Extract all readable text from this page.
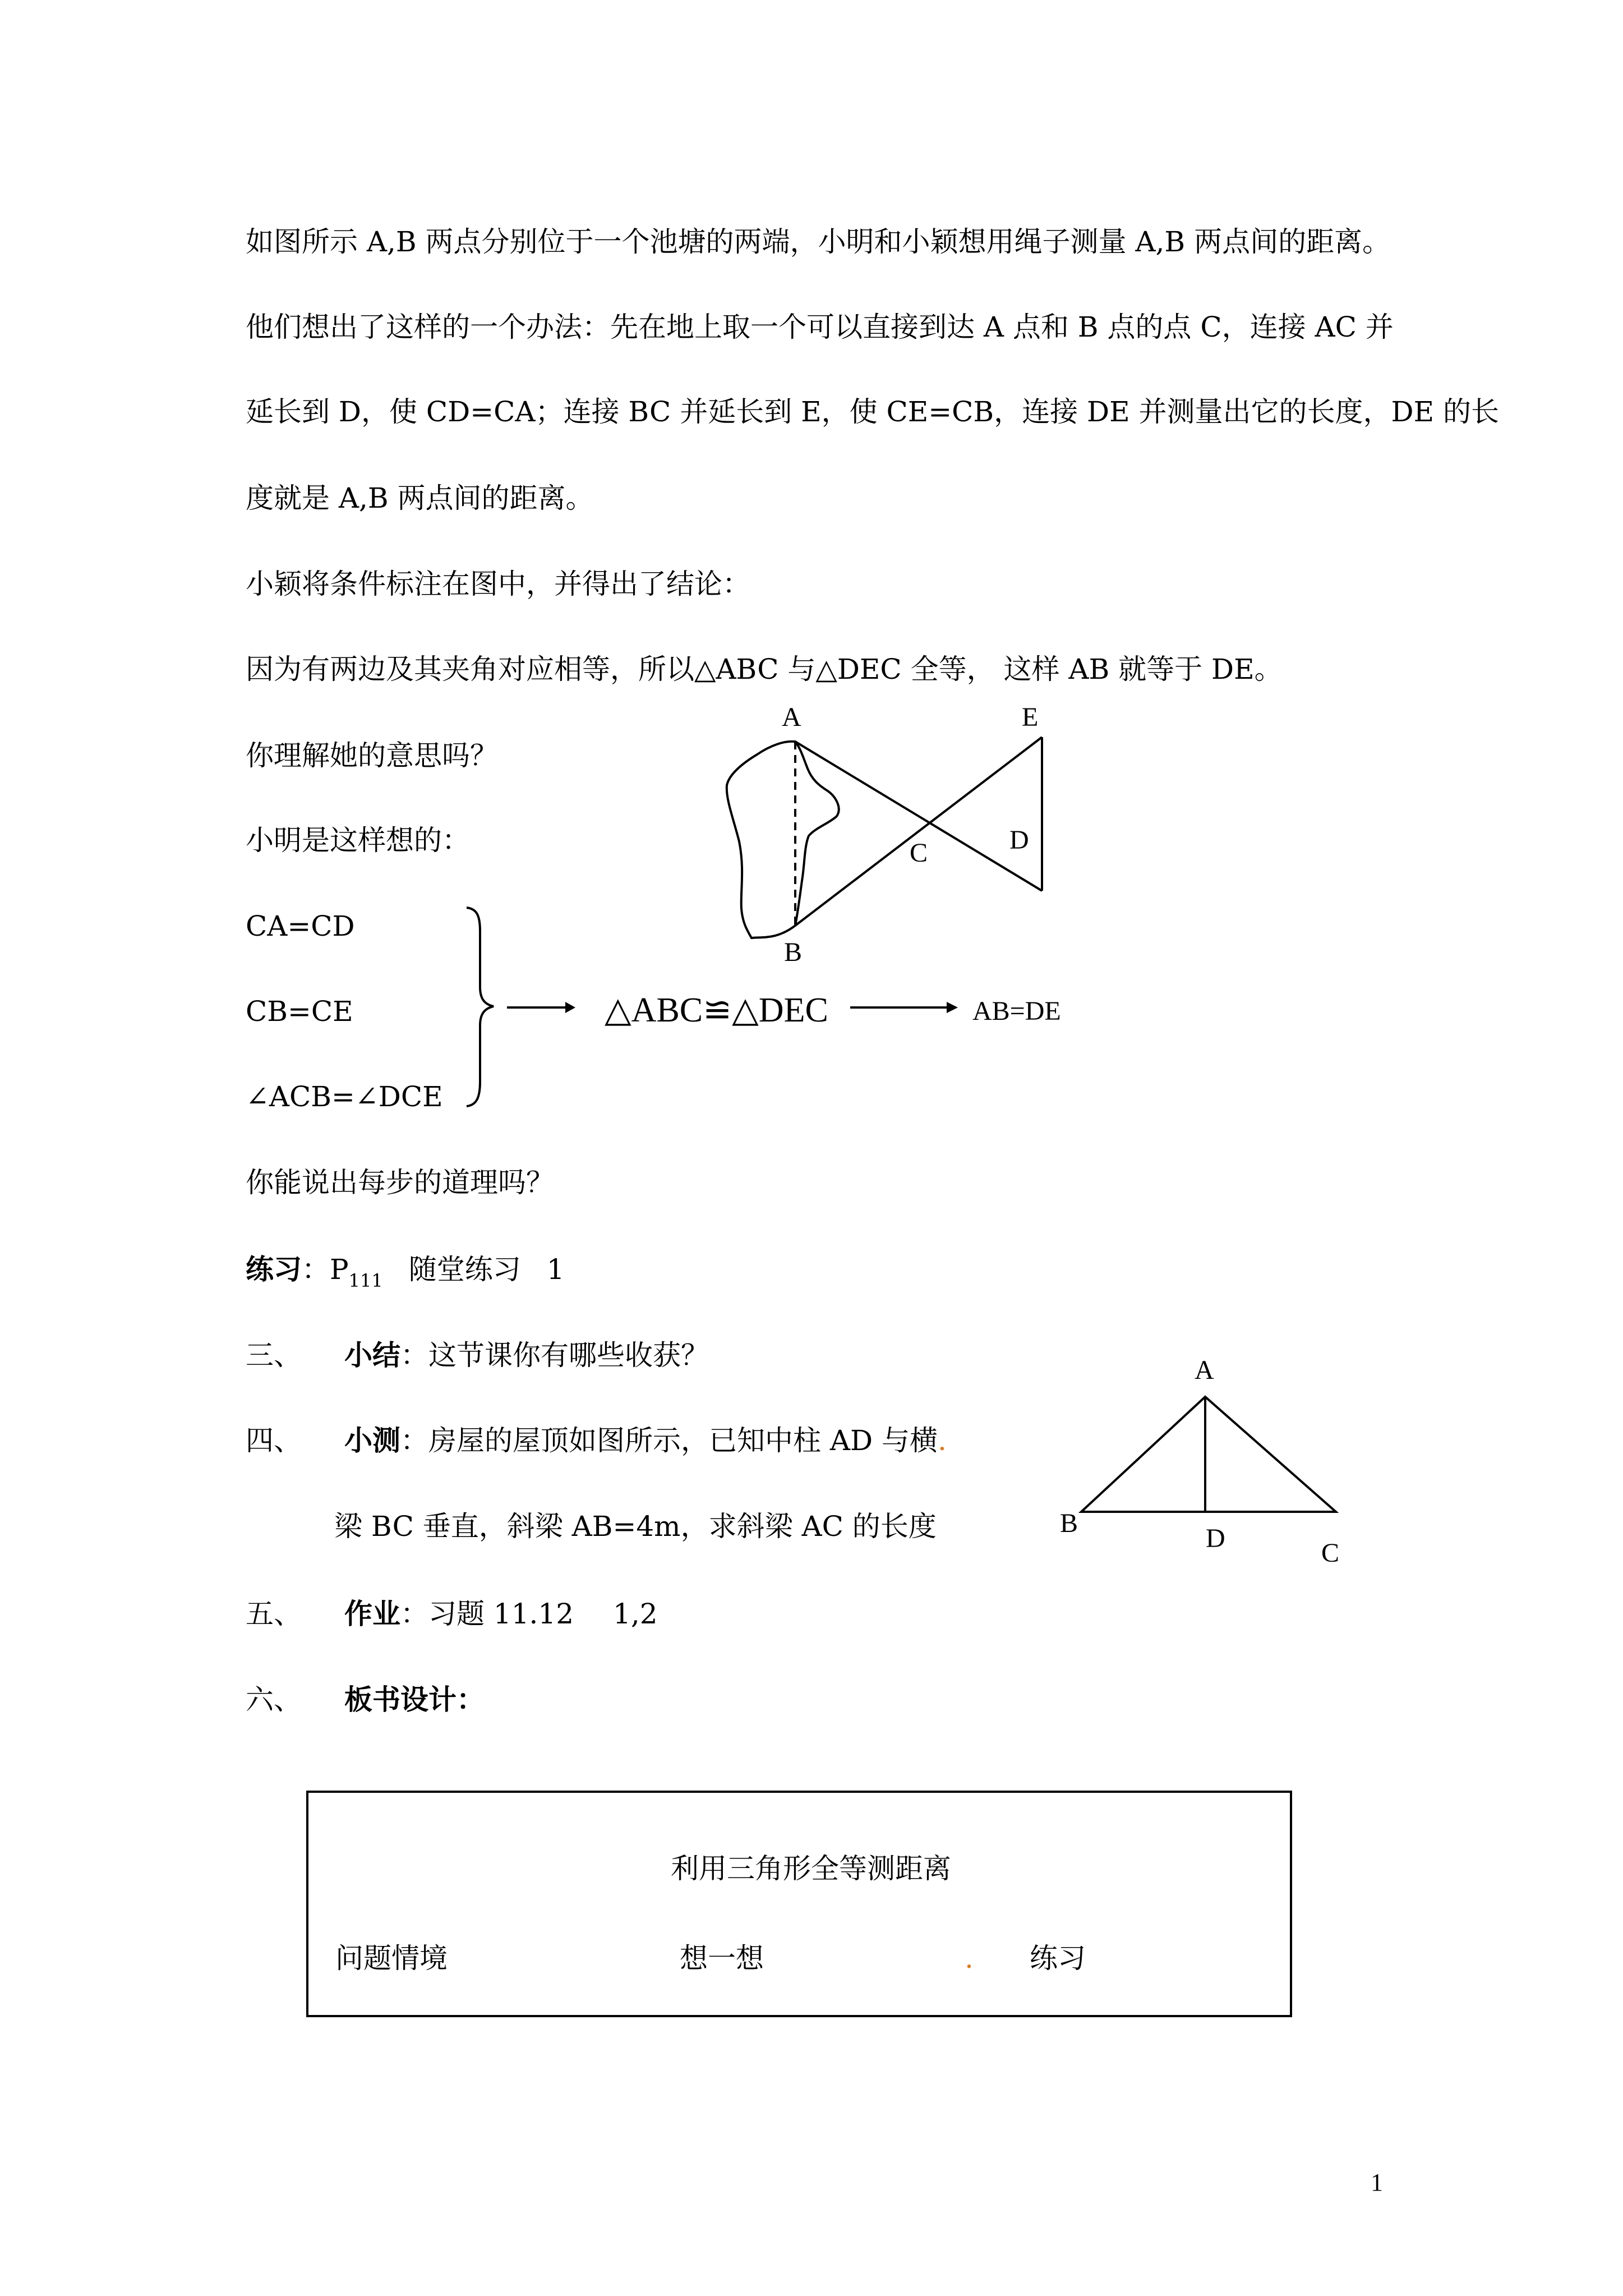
如图所示 A,B 两点分别位于一个池塘的两端，小明和小颖想用绳子测量 A,B 两点间的距离。
他们想出了这样的一个办法：先在地上取一个可以直接到达 A 点和 B 点的点 C，连接 AC 并
延长到 D，使 CD=CA；连接 BC 并延长到 E，使 CE=CB，连接 DE 并测量出它的长度，DE 的长
度就是 A,B 两点间的距离。
小颖将条件标注在图中，并得出了结论：
因为有两边及其夹角对应相等，所以△ABC 与△DEC 全等， 这样 AB 就等于 DE。
你理解她的意思吗？
小明是这样想的：
A	E
C	D
B
CA=CD
CB=CE
∠ACB=∠DCE
△ABC≌△DEC	AB=DE
你能说出每步的道理吗？
练习：$P_{111}$ 随堂练习 1
三、 小结：这节课你有哪些收获？
四、 小测：房屋的屋顶如图所示，已知中柱 AD 与横.
梁 BC 垂直，斜梁 AB=4m，求斜梁 AC 的长度
A
B
D	C
五、 作业：习题 11.12 1,2
六、 板书设计：
利用三角形全等测距离
问题情境	想一想	. 练习
1
